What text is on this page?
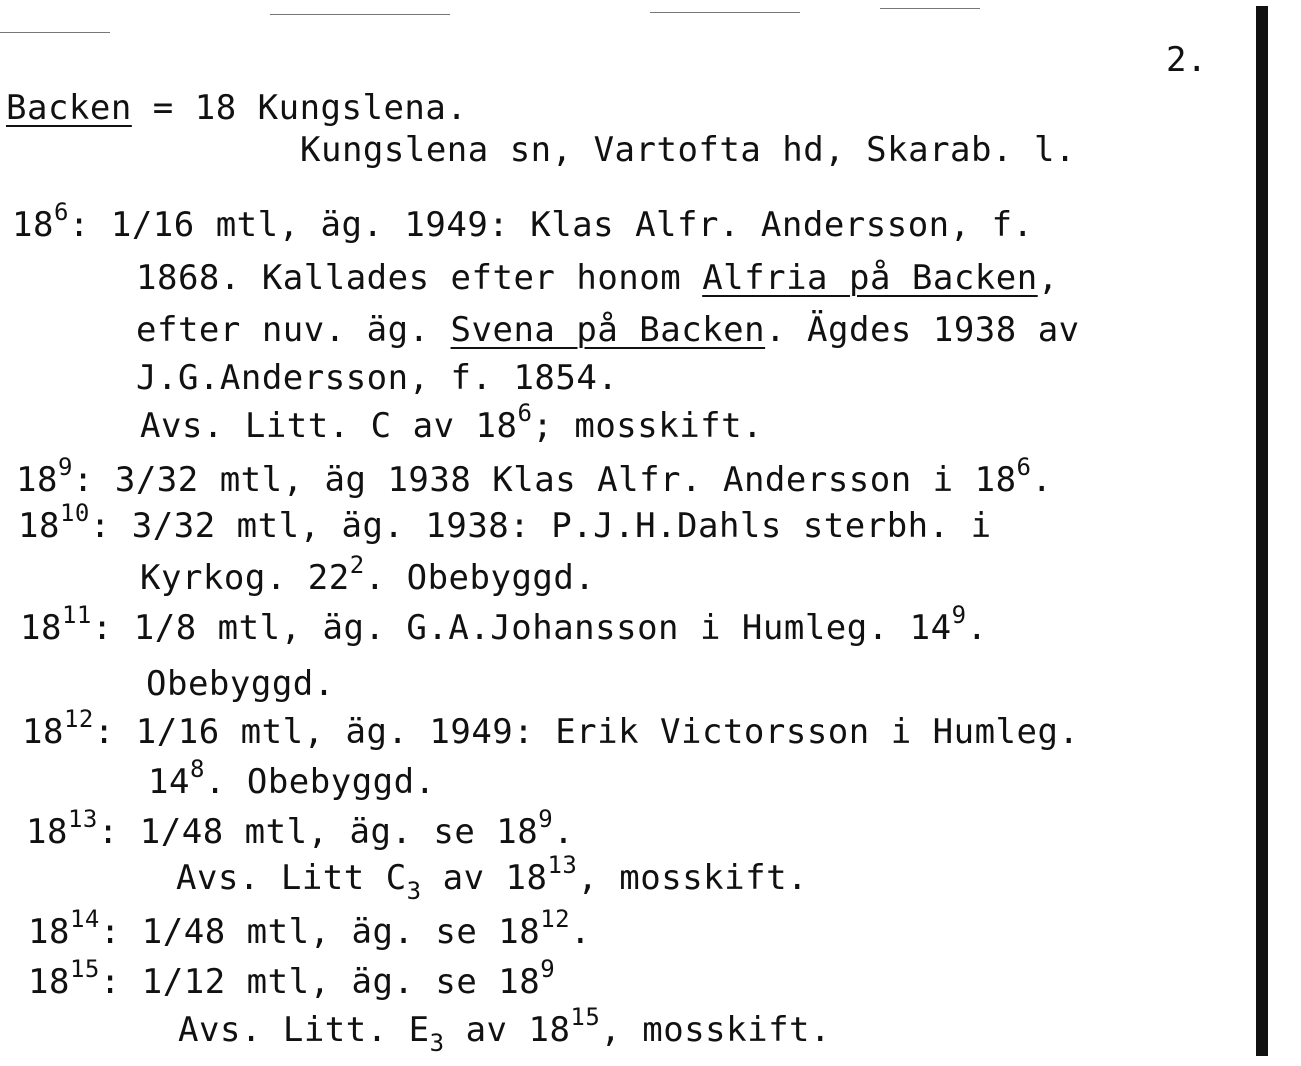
2.
Backen = 18 Kungslena.
Kungslena sn, Vartofta hd, Skarab. l.
$18^6$: 1/16 mtl, äg. 1949: Klas Alfr. Andersson, f.
1868. Kallades efter honom Alfria på Backen,
efter nuv. äg. Svena på Backen. Ägdes 1938 av
J.G.Andersson, f. 1854.
Avs. Litt. C av $18^6$; mosskift.
$18^9$: 3/32 mtl, äg 1938 Klas Alfr. Andersson i $18^6$.
$18^{10}$: 3/32 mtl, äg. 1938: P.J.H.Dahls sterbh. i
Kyrkog. $22^2$. Obebyggd.
$18^{11}$: 1/8 mtl, äg. G.A.Johansson i Humleg. $14^9$.
Obebyggd.
$18^{12}$: 1/16 mtl, äg. 1949: Erik Victorsson i Humleg.
$14^8$. Obebyggd.
$18^{13}$: 1/48 mtl, äg. se $18^9$.
Avs. Litt $C_3$ av $18^{13}$, mosskift.
$18^{14}$: 1/48 mtl, äg. se $18^{12}$.
$18^{15}$: 1/12 mtl, äg. se $18^9$
Avs. Litt. $E_3$ av $18^{15}$, mosskift.
